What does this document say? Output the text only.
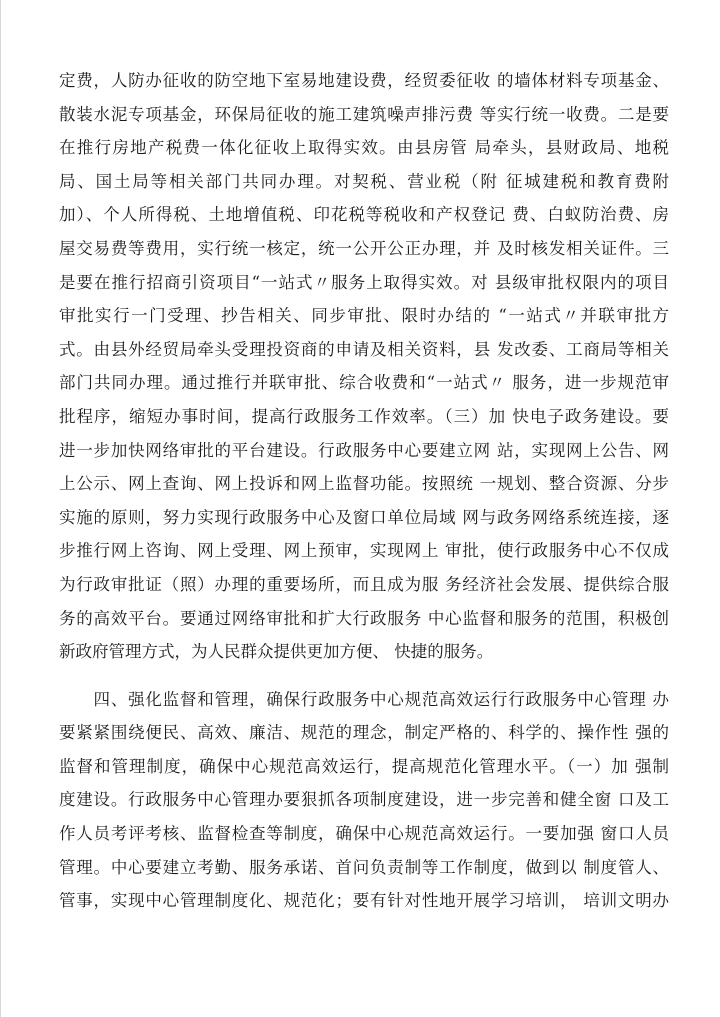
定费，人防办征收的防空地下室易地建设费，经贸委征收 的墙体材料专项基金、
散装水泥专项基金，环保局征收的施工建筑噪声排污费 等实行统一收费。二是要
在推行房地产税费一体化征收上取得实效。由县房管 局牵头，县财政局、地税
局、国土局等相关部门共同办理。对契税、营业税（附 征城建税和教育费附
加）、个人所得税、土地增值税、印花税等税收和产权登记 费、白蚁防治费、房
屋交易费等费用，实行统一核定，统一公开公正办理，并 及时核发相关证件。三
是要在推行招商引资项目“一站式〃服务上取得实效。对 县级审批权限内的项目
审批实行一门受理、抄告相关、同步审批、限时办结的 “一站式〃并联审批方
式。由县外经贸局牵头受理投资商的申请及相关资料，县 发改委、工商局等相关
部门共同办理。通过推行并联审批、综合收费和“一站式〃 服务，进一步规范审
批程序，缩短办事时间，提高行政服务工作效率。（三）加 快电子政务建设。要
进一步加快网络审批的平台建设。行政服务中心要建立网 站，实现网上公告、网
上公示、网上查询、网上投诉和网上监督功能。按照统 一规划、整合资源、分步
实施的原则，努力实现行政服务中心及窗口单位局域 网与政务网络系统连接，逐
步推行网上咨询、网上受理、网上预审，实现网上 审批，使行政服务中心不仅成
为行政审批证（照）办理的重要场所，而且成为服 务经济社会发展、提供综合服
务的高效平台。要通过网络审批和扩大行政服务 中心监督和服务的范围，积极创
新政府管理方式，为人民群众提供更加方便、 快捷的服务。
　　四、强化监督和管理，确保行政服务中心规范高效运行行政服务中心管理 办
要紧紧围绕便民、高效、廉洁、规范的理念，制定严格的、科学的、操作性 强的
监督和管理制度，确保中心规范高效运行，提高规范化管理水平。（一）加 强制
度建设。行政服务中心管理办要狠抓各项制度建设，进一步完善和健全窗 口及工
作人员考评考核、监督检查等制度，确保中心规范高效运行。一要加强 窗口人员
管理。中心要建立考勤、服务承诺、首问负责制等工作制度，做到以 制度管人、
管事，实现中心管理制度化、规范化；要有针对性地开展学习培训， 培训文明办
